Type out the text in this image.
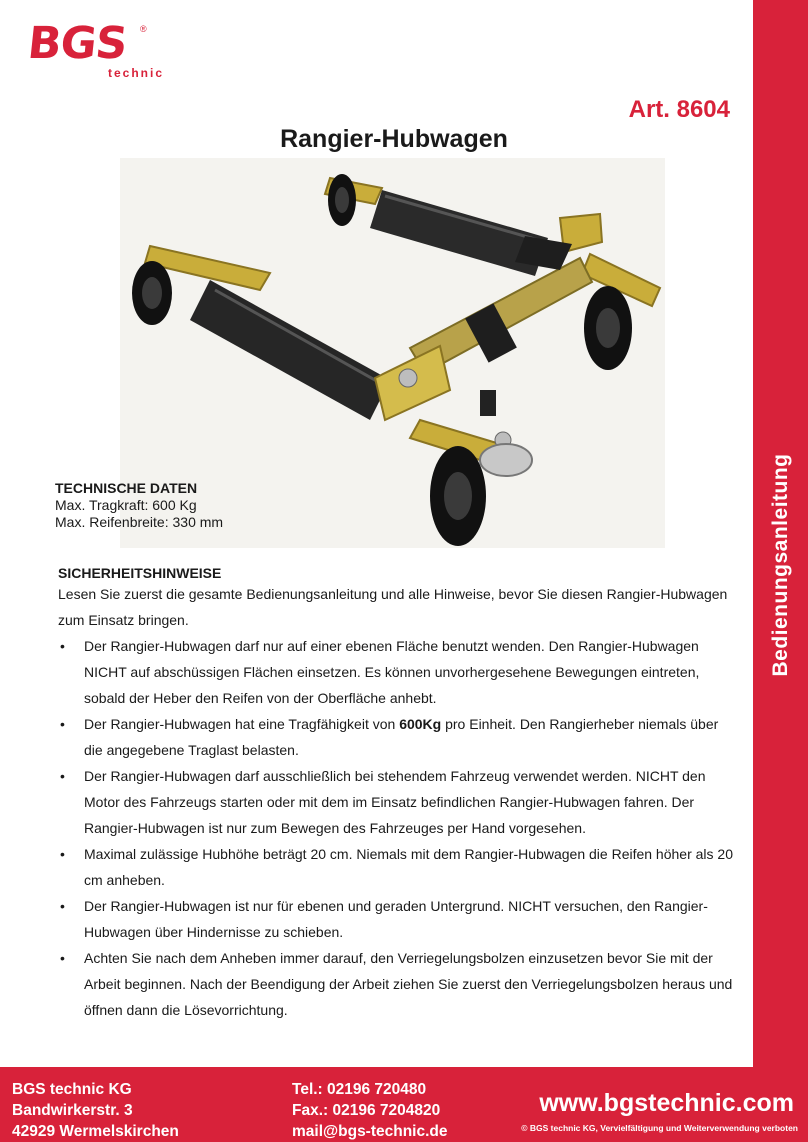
BGS ®
technic
Bedienungsanleitung
Art. 8604
Rangier-Hubwagen
TECHNISCHE DATEN
Max. Tragkraft: 600 Kg
Max. Reifenbreite: 330 mm
SICHERHEITSHINWEISE

Lesen Sie zuerst die gesamte Bedienungsanleitung und alle Hinweise, bevor Sie diesen Rangier-Hubwagen zum Einsatz bringen.

• Der Rangier-Hubwagen darf nur auf einer ebenen Fläche benutzt wenden. Den Rangier-Hubwagen NICHT auf abschüssigen Flächen einsetzen. Es können unvorhergesehene Bewegungen eintreten, sobald der Heber den Reifen von der Oberfläche anhebt.
• Der Rangier-Hubwagen hat eine Tragfähigkeit von 600Kg pro Einheit. Den Rangierheber niemals über die angegebene Traglast belasten.
• Der Rangier-Hubwagen darf ausschließlich bei stehendem Fahrzeug verwendet werden. NICHT den Motor des Fahrzeugs starten oder mit dem im Einsatz befindlichen Rangier-Hubwagen fahren. Der Rangier-Hubwagen ist nur zum Bewegen des Fahrzeuges per Hand vorgesehen.
• Maximal zulässige Hubhöhe beträgt 20 cm. Niemals mit dem Rangier-Hubwagen die Reifen höher als 20 cm anheben.
• Der Rangier-Hubwagen ist nur für ebenen und geraden Untergrund. NICHT versuchen, den Rangier-Hubwagen über Hindernisse zu schieben.
• Achten Sie nach dem Anheben immer darauf, den Verriegelungsbolzen einzusetzen bevor Sie mit der Arbeit beginnen. Nach der Beendigung der Arbeit ziehen Sie zuerst den Verriegelungsbolzen heraus und öffnen dann die Lösevorrichtung.
BGS technic KG
Bandwirkerstr. 3
42929 Wermelskirchen
Tel.: 02196 720480
Fax.: 02196 7204820
mail@bgs-technic.de
www.bgstechnic.com
© BGS technic KG, Vervielfältigung und Weiterverwendung verboten
